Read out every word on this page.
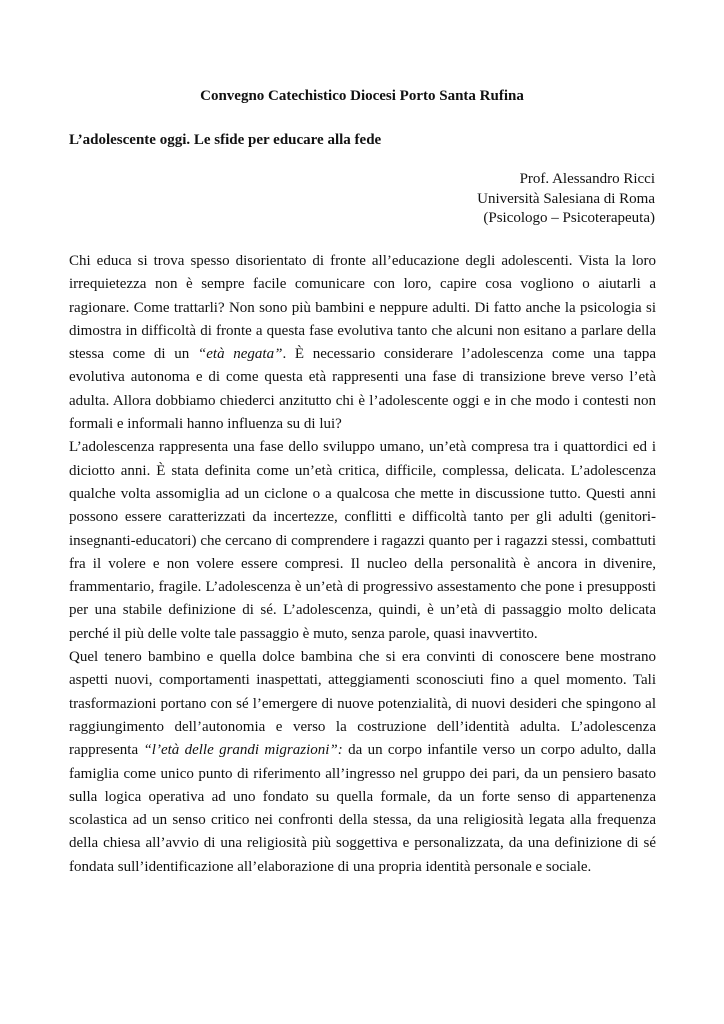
Convegno Catechistico Diocesi Porto Santa Rufina
L’adolescente oggi. Le sfide per educare alla fede
Prof. Alessandro Ricci
Università Salesiana di Roma
(Psicologo – Psicoterapeuta)

Chi educa si trova spesso disorientato di fronte all’educazione degli adolescenti. Vista la loro irrequietezza non è sempre facile comunicare con loro, capire cosa vogliono o aiutarli a ragionare. Come trattarli? Non sono più bambini e neppure adulti. Di fatto anche la psicologia si dimostra in difficoltà di fronte a questa fase evolutiva tanto che alcuni non esitano a parlare della stessa come di un “età negata”. È necessario considerare l’adolescenza come una tappa evolutiva autonoma e di come questa età rappresenti una fase di transizione breve verso l’età adulta. Allora dobbiamo chiederci anzitutto chi è l’adolescente oggi e in che modo i contesti non formali e informali hanno influenza su di lui?

L’adolescenza rappresenta una fase dello sviluppo umano, un’età compresa tra i quattordici ed i diciotto anni. È stata definita come un’età critica, difficile, complessa, delicata. L’adolescenza qualche volta assomiglia ad un ciclone o a qualcosa che mette in discussione tutto. Questi anni possono essere caratterizzati da incertezze, conflitti e difficoltà tanto per gli adulti (genitori-insegnanti-educatori) che cercano di comprendere i ragazzi quanto per i ragazzi stessi, combattuti fra il volere e non volere essere compresi. Il nucleo della personalità è ancora in divenire, frammentario, fragile. L’adolescenza è un’età di progressivo assestamento che pone i presupposti per una stabile definizione di sé. L’adolescenza, quindi, è un’età di passaggio molto delicata perché il più delle volte tale passaggio è muto, senza parole, quasi inavvertito.

Quel tenero bambino e quella dolce bambina che si era convinti di conoscere bene mostrano aspetti nuovi, comportamenti inaspettati, atteggiamenti sconosciuti fino a quel momento. Tali trasformazioni portano con sé l’emergere di nuove potenzialità, di nuovi desideri che spingono al raggiungimento dell’autonomia e verso la costruzione dell’identità adulta. L’adolescenza rappresenta “l’età delle grandi migrazioni”: da un corpo infantile verso un corpo adulto, dalla famiglia come unico punto di riferimento all’ingresso nel gruppo dei pari, da un pensiero basato sulla logica operativa ad uno fondato su quella formale, da un forte senso di appartenenza scolastica ad un senso critico nei confronti della stessa, da una religiosità legata alla frequenza della chiesa all’avvio di una religiosità più soggettiva e personalizzata, da una definizione di sé fondata sull’identificazione all’elaborazione di una propria identità personale e sociale.
